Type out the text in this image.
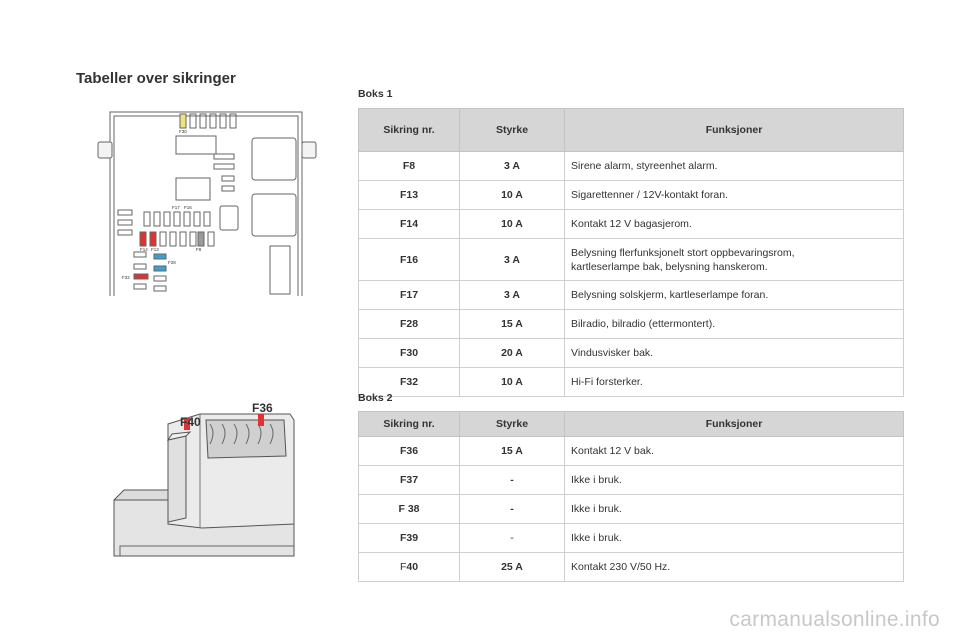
Tabeller over sikringer
F30
F17 F16
F14 F13	F8
F28
F32
F40
F36
Boks 1
Sikring nr.	Styrke	Funksjoner
F8	3 A	Sirene alarm, styreenhet alarm.
F13	10 A	Sigarettenner / 12V-kontakt foran.
F14	10 A	Kontakt 12 V bagasjerom.
F16	3 A	Belysning flerfunksjonelt stort oppbevaringsrom,
kartleserlampe bak, belysning hanskerom.

F17	3 A	Belysning solskjerm, kartleserlampe foran.
F28	15 A	Bilradio, bilradio (ettermontert).
F30	20 A	Vindusvisker bak.
F32	10 A	Hi-Fi forsterker.
Boks 2
Sikring nr.	Styrke	Funksjoner
F36	15 A	Kontakt 12 V bak.
F37	-	Ikke i bruk.
F 38	-	Ikke i bruk.
F39	-	Ikke i bruk.
F40	25 A	Kontakt 230 V/50 Hz.
carmanualsonline.info
